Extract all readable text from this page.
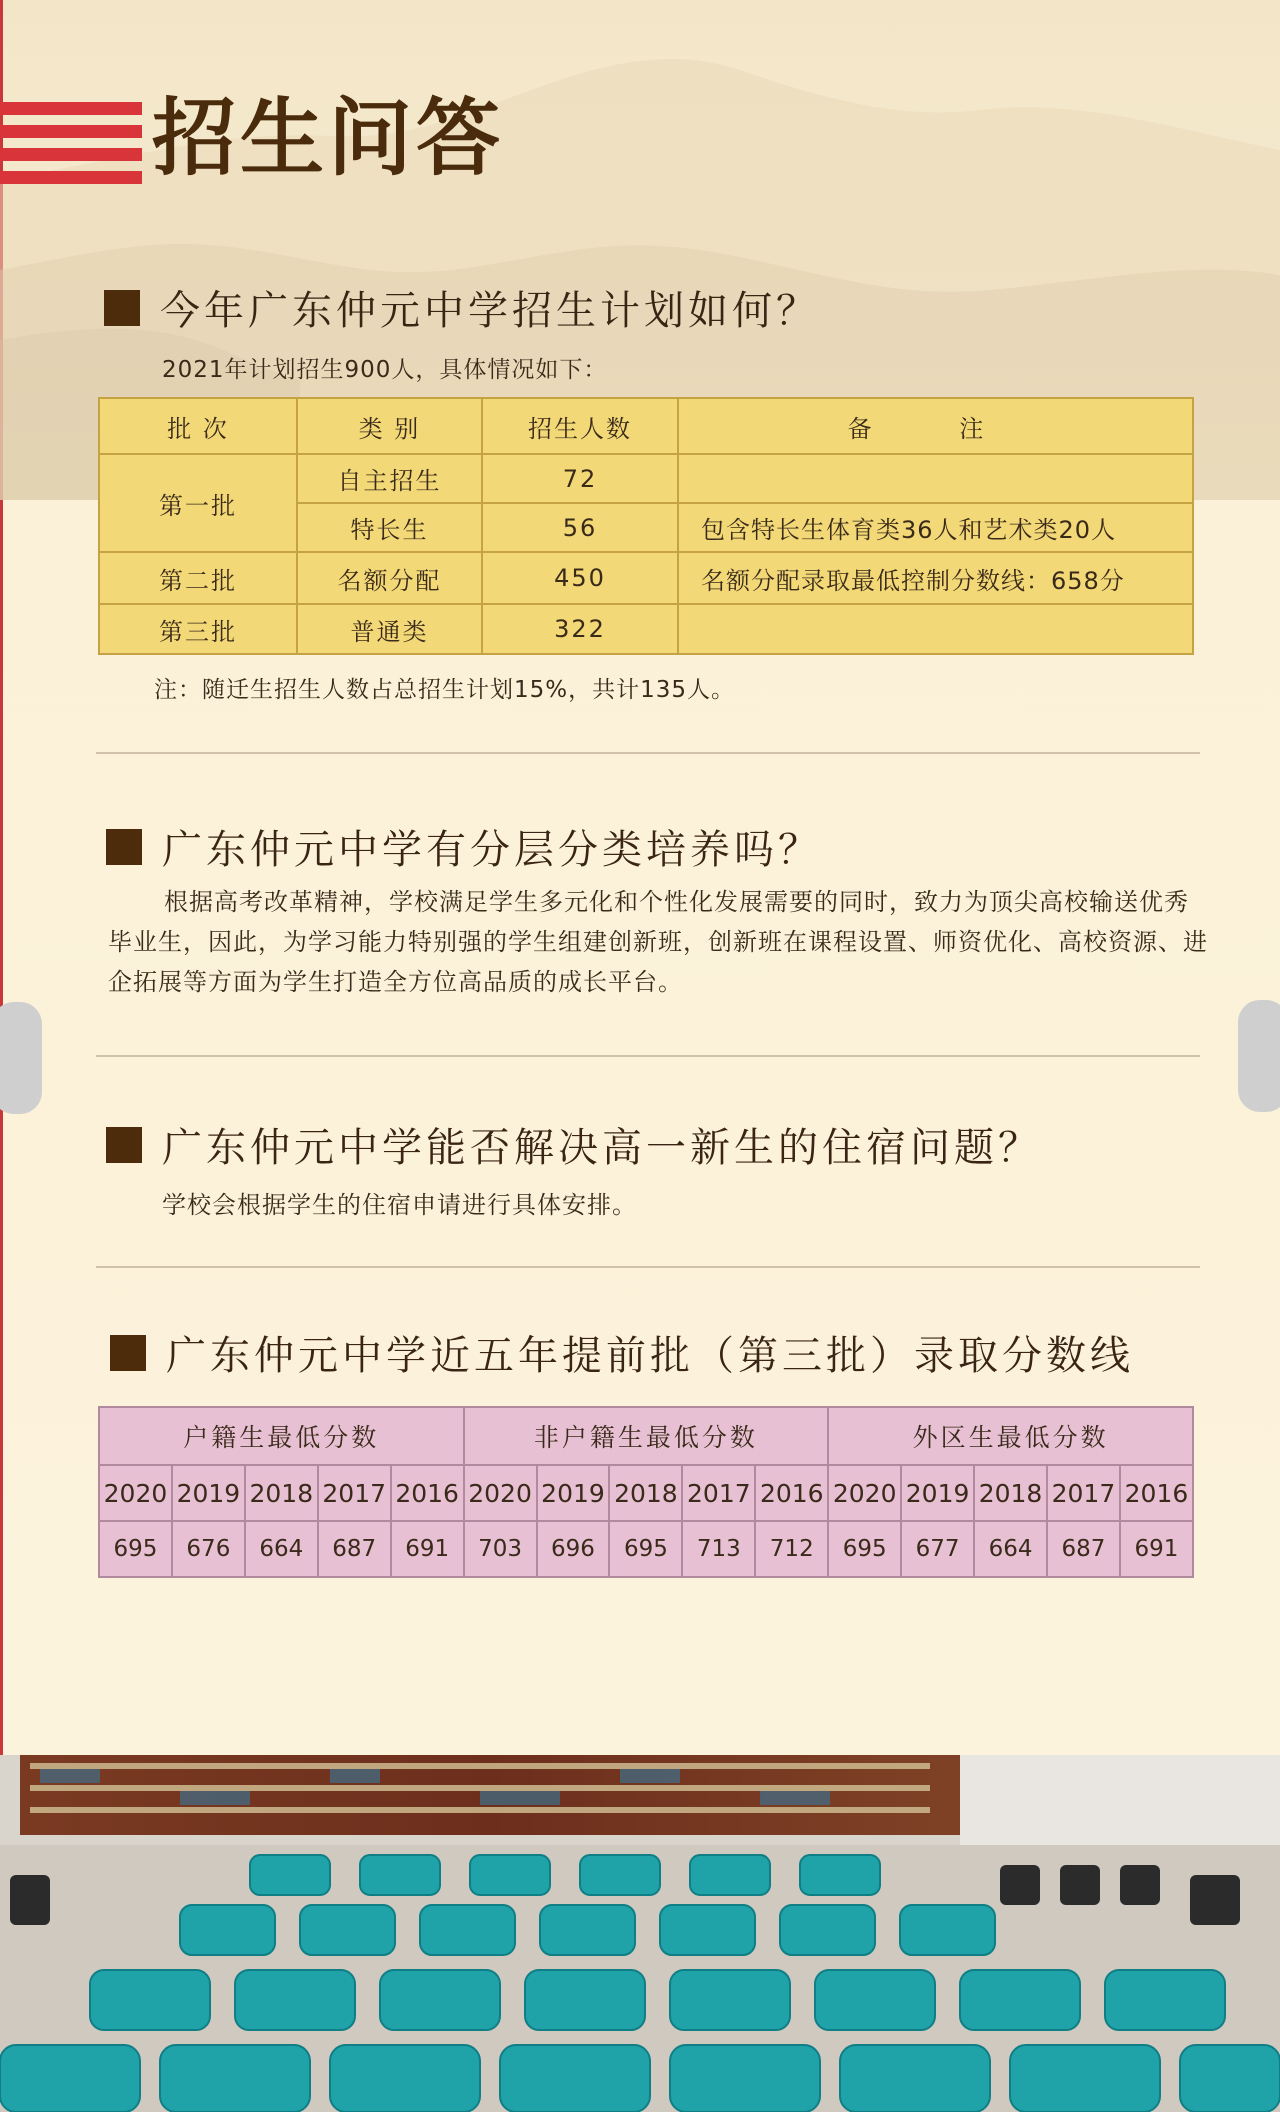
招生问答
今年广东仲元中学招生计划如何？
2021年计划招生900人，具体情况如下：
批 次	类 别	招生人数	备 注
第一批	自主招生	72	
	特长生	56	包含特长生体育类36人和艺术类20人
第二批	名额分配	450	名额分配录取最低控制分数线：658分
第三批	普通类	322	
注：随迁生招生人数占总招生计划15%，共计135人。
广东仲元中学有分层分类培养吗？
根据高考改革精神，学校满足学生多元化和个性化发展需要的同时，致力为顶尖高校输送优秀毕业生，因此，为学习能力特别强的学生组建创新班，创新班在课程设置、师资优化、高校资源、进企拓展等方面为学生打造全方位高品质的成长平台。
广东仲元中学能否解决高一新生的住宿问题？
学校会根据学生的住宿申请进行具体安排。
广东仲元中学近五年提前批（第三批）录取分数线
户籍生最低分数					非户籍生最低分数					外区生最低分数				
2020	2019	2018	2017	2016	2020	2019	2018	2017	2016	2020	2019	2018	2017	2016
695	676	664	687	691	703	696	695	713	712	695	677	664	687	691
